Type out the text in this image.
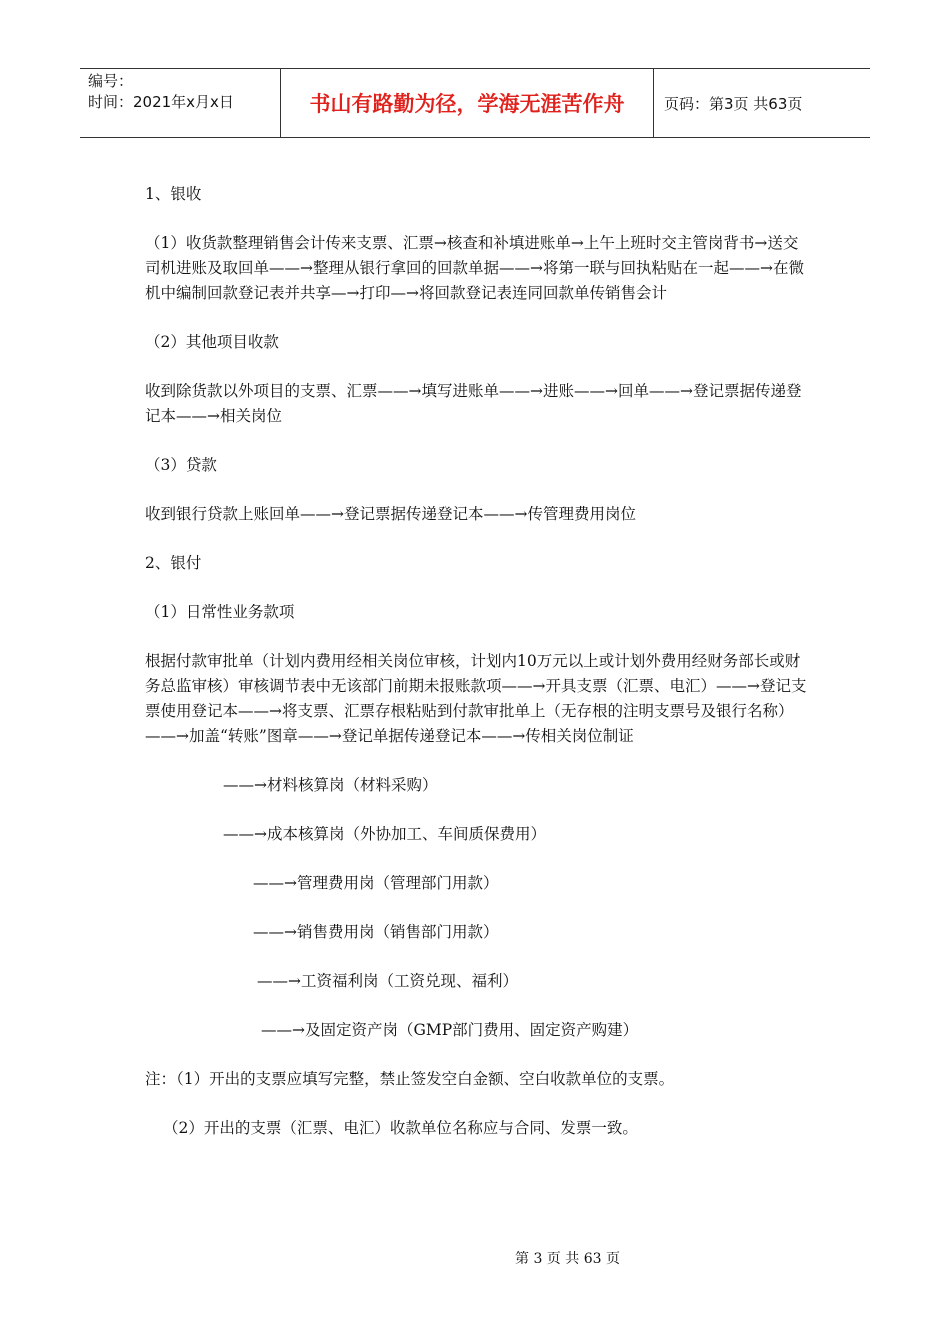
编号：
时间：2021年x月x日	书山有路勤为径，学海无涯苦作舟	页码：第3页 共63页

1、银收

（1）收货款整理销售会计传来支票、汇票→核查和补填进账单→上午上班时交主管岗背书→送交司机进账及取回单——→整理从银行拿回的回款单据——→将第一联与回执粘贴在一起——→在微机中编制回款登记表并共享—→打印—→将回款登记表连同回款单传销售会计

（2）其他项目收款

收到除货款以外项目的支票、汇票——→填写进账单——→进账——→回单——→登记票据传递登记本——→相关岗位

（3）贷款

收到银行贷款上账回单——→登记票据传递登记本——→传管理费用岗位

2、银付

（1）日常性业务款项

根据付款审批单（计划内费用经相关岗位审核，计划内10万元以上或计划外费用经财务部长或财务总监审核）审核调节表中无该部门前期未报账款项——→开具支票（汇票、电汇）——→登记支票使用登记本——→将支票、汇票存根粘贴到付款审批单上（无存根的注明支票号及银行名称）——→加盖“转账”图章——→登记单据传递登记本——→传相关岗位制证

——→材料核算岗（材料采购）

——→成本核算岗（外协加工、车间质保费用）

——→管理费用岗（管理部门用款）

——→销售费用岗（销售部门用款）

——→工资福利岗（工资兑现、福利）

——→及固定资产岗（GMP部门费用、固定资产购建）

注：（1）开出的支票应填写完整，禁止签发空白金额、空白收款单位的支票。

（2）开出的支票（汇票、电汇）收款单位名称应与合同、发票一致。

第 3 页 共 63 页
